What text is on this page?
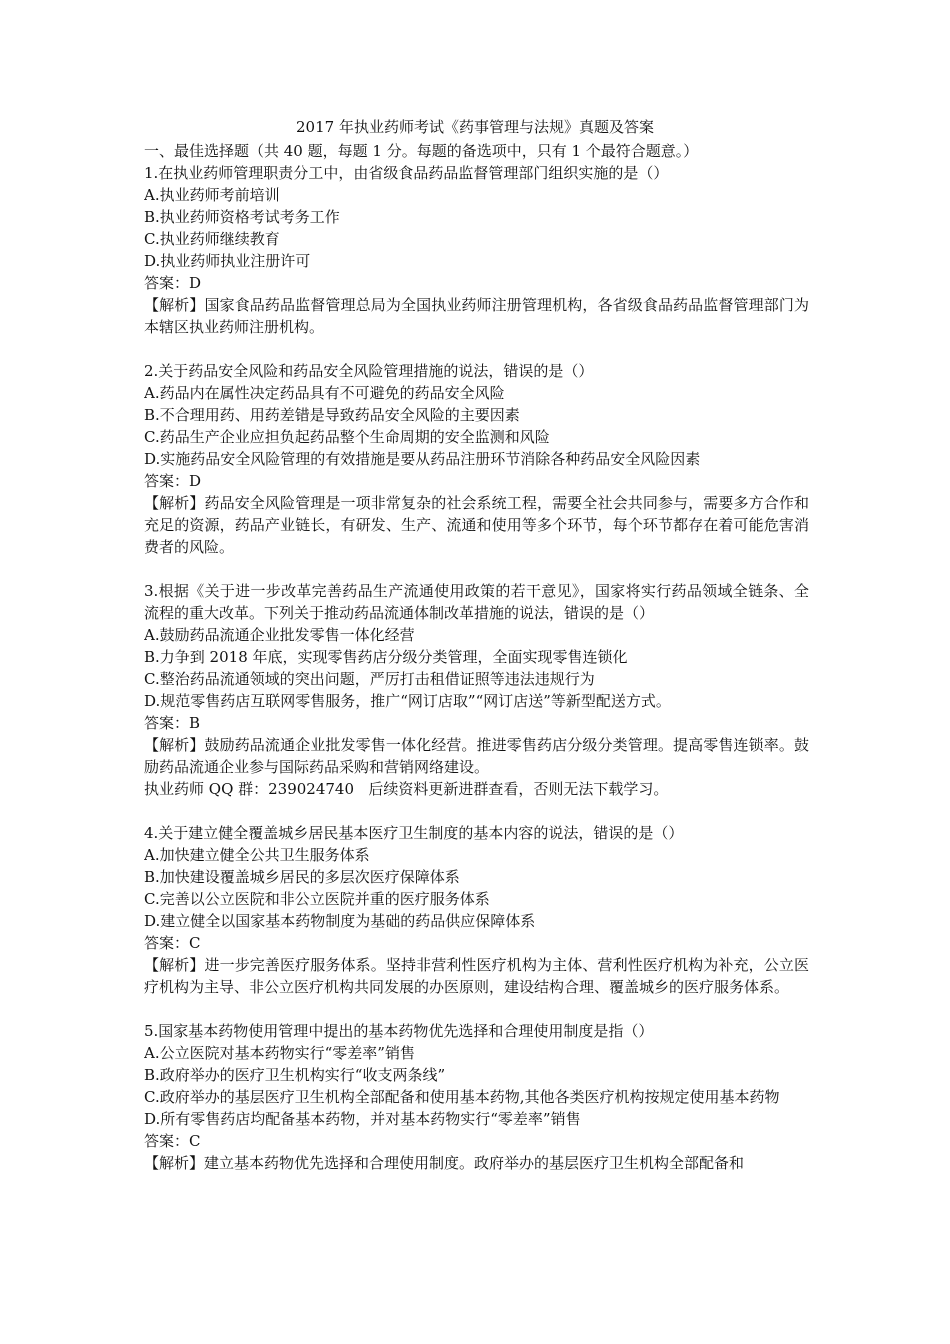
2017 年执业药师考试《药事管理与法规》真题及答案
一、最佳选择题（共 40 题，每题 1 分。每题的备选项中，只有 1 个最符合题意。）
1.在执业药师管理职责分工中，由省级食品药品监督管理部门组织实施的是（）
A.执业药师考前培训
B.执业药师资格考试考务工作
C.执业药师继续教育
D.执业药师执业注册许可
答案：D
【解析】国家食品药品监督管理总局为全国执业药师注册管理机构，各省级食品药品监督管理部门为本辖区执业药师注册机构。
2.关于药品安全风险和药品安全风险管理措施的说法，错误的是（）
A.药品内在属性决定药品具有不可避免的药品安全风险
B.不合理用药、用药差错是导致药品安全风险的主要因素
C.药品生产企业应担负起药品整个生命周期的安全监测和风险
D.实施药品安全风险管理的有效措施是要从药品注册环节消除各种药品安全风险因素
答案：D
【解析】药品安全风险管理是一项非常复杂的社会系统工程，需要全社会共同参与，需要多方合作和充足的资源，药品产业链长，有研发、生产、流通和使用等多个环节，每个环节都存在着可能危害消费者的风险。
3.根据《关于进一步改革完善药品生产流通使用政策的若干意见》，国家将实行药品领域全链条、全流程的重大改革。下列关于推动药品流通体制改革措施的说法，错误的是（）
A.鼓励药品流通企业批发零售一体化经营
B.力争到 2018 年底，实现零售药店分级分类管理，全面实现零售连锁化
C.整治药品流通领域的突出问题，严厉打击租借证照等违法违规行为
D.规范零售药店互联网零售服务，推广“网订店取”“网订店送”等新型配送方式。
答案：B
【解析】鼓励药品流通企业批发零售一体化经营。推进零售药店分级分类管理。提高零售连锁率。鼓励药品流通企业参与国际药品采购和营销网络建设。
执业药师 QQ 群：239024740   后续资料更新进群查看，否则无法下载学习。
4.关于建立健全覆盖城乡居民基本医疗卫生制度的基本内容的说法，错误的是（）
A.加快建立健全公共卫生服务体系
B.加快建设覆盖城乡居民的多层次医疗保障体系
C.完善以公立医院和非公立医院并重的医疗服务体系
D.建立健全以国家基本药物制度为基础的药品供应保障体系
答案：C
【解析】进一步完善医疗服务体系。坚持非营利性医疗机构为主体、营利性医疗机构为补充，公立医疗机构为主导、非公立医疗机构共同发展的办医原则，建设结构合理、覆盖城乡的医疗服务体系。
5.国家基本药物使用管理中提出的基本药物优先选择和合理使用制度是指（）
A.公立医院对基本药物实行“零差率”销售
B.政府举办的医疗卫生机构实行“收支两条线”
C.政府举办的基层医疗卫生机构全部配备和使用基本药物,其他各类医疗机构按规定使用基本药物
D.所有零售药店均配备基本药物，并对基本药物实行“零差率”销售
答案：C
【解析】建立基本药物优先选择和合理使用制度。政府举办的基层医疗卫生机构全部配备和
